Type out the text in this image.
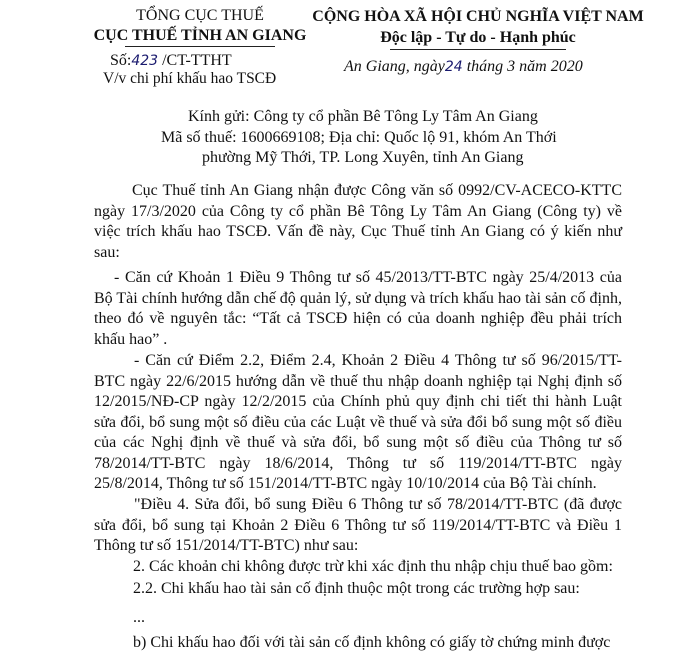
TỔNG CỤC THUẾ
CỤC THUẾ TỈNH AN GIANG
CỘNG HÒA XÃ HỘI CHỦ NGHĨA VIỆT NAM
Độc lập - Tự do - Hạnh phúc
Số:423 /CT-TTHT
V/v chi phí khấu hao TSCĐ
An Giang, ngày24 tháng 3 năm 2020
Kính gửi: Công ty cổ phần Bê Tông Ly Tâm An Giang
Mã số thuế: 1600669108; Địa chỉ: Quốc lộ 91, khóm An Thới
phường Mỹ Thới, TP. Long Xuyên, tỉnh An Giang
Cục Thuế tỉnh An Giang nhận được Công văn số 0992/CV-ACECO-KTTC ngày 17/3/2020 của Công ty cổ phần Bê Tông Ly Tâm An Giang (Công ty) về việc trích khấu hao TSCĐ. Vấn đề này, Cục Thuế tỉnh An Giang có ý kiến như sau:
- Căn cứ Khoản 1 Điều 9 Thông tư số 45/2013/TT-BTC ngày 25/4/2013 của Bộ Tài chính hướng dẫn chế độ quản lý, sử dụng và trích khấu hao tài sản cố định, theo đó về nguyên tắc: “Tất cả TSCĐ hiện có của doanh nghiệp đều phải trích khấu hao” .
- Căn cứ Điểm 2.2, Điểm 2.4, Khoản 2 Điều 4 Thông tư số 96/2015/TT-BTC ngày 22/6/2015 hướng dẫn về thuế thu nhập doanh nghiệp tại Nghị định số 12/2015/NĐ-CP ngày 12/2/2015 của Chính phủ quy định chi tiết thi hành Luật sửa đổi, bổ sung một số điều của các Luật về thuế và sửa đổi bổ sung một số điều của các Nghị định về thuế và sửa đổi, bổ sung một số điều của Thông tư số 78/2014/TT-BTC ngày 18/6/2014, Thông tư số 119/2014/TT-BTC ngày 25/8/2014, Thông tư số 151/2014/TT-BTC ngày 10/10/2014 của Bộ Tài chính.
"Điều 4. Sửa đổi, bổ sung Điều 6 Thông tư số 78/2014/TT-BTC (đã được sửa đổi, bổ sung tại Khoản 2 Điều 6 Thông tư số 119/2014/TT-BTC và Điều 1 Thông tư số 151/2014/TT-BTC) như sau:
2. Các khoản chi không được trừ khi xác định thu nhập chịu thuế bao gồm:
2.2. Chi khấu hao tài sản cố định thuộc một trong các trường hợp sau:
...
b) Chi khấu hao đối với tài sản cố định không có giấy tờ chứng minh được
